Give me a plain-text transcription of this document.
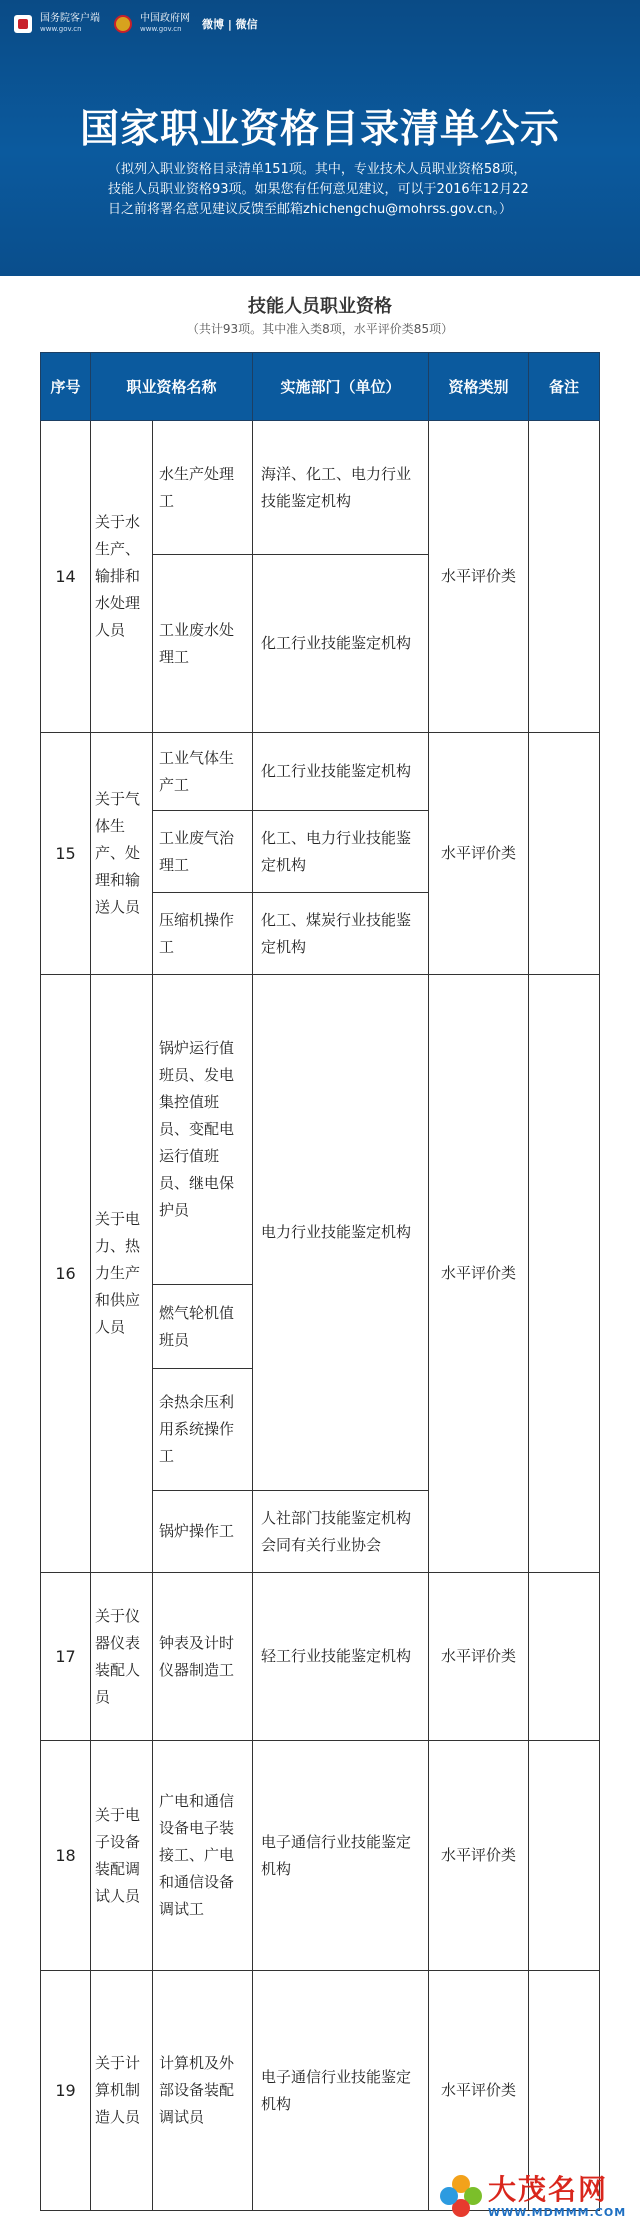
国务院客户端
www.gov.cn
中国政府网
www.gov.cn	微博 | 微信
国家职业资格目录清单公示
（拟列入职业资格目录清单151项。其中，专业技术人员职业资格58项，技能人员职业资格93项。如果您有任何意见建议，可以于2016年12月22日之前将署名意见建议反馈至邮箱zhichengchu@mohrss.gov.cn。）
技能人员职业资格
（共计93项。其中准入类8项，水平评价类85项）
序号	职业资格名称		实施部门（单位）	资格类别	备注
14	关于水生产、输排和水处理人员	水生产处理工	海洋、化工、电力行业技能鉴定机构	水平评价类	
		工业废水处理工	化工行业技能鉴定机构		
15	关于气体生产、处理和输送人员	工业气体生产工	化工行业技能鉴定机构	水平评价类	
		工业废气治理工	化工、电力行业技能鉴定机构		
		压缩机操作工	化工、煤炭行业技能鉴定机构		
16	关于电力、热力生产和供应人员	锅炉运行值班员、发电集控值班员、变配电运行值班员、继电保护员	电力行业技能鉴定机构	水平评价类	
		燃气轮机值班员			
		余热余压利用系统操作工			
		锅炉操作工	人社部门技能鉴定机构会同有关行业协会		
17	关于仪器仪表装配人员	钟表及计时仪器制造工	轻工行业技能鉴定机构	水平评价类	
18	关于电子设备装配调试人员	广电和通信设备电子装接工、广电和通信设备调试工	电子通信行业技能鉴定机构	水平评价类	
19	关于计算机制造人员	计算机及外部设备装配调试员	电子通信行业技能鉴定机构	水平评价类	
大茂名网
WWW.MDMMM.COM
